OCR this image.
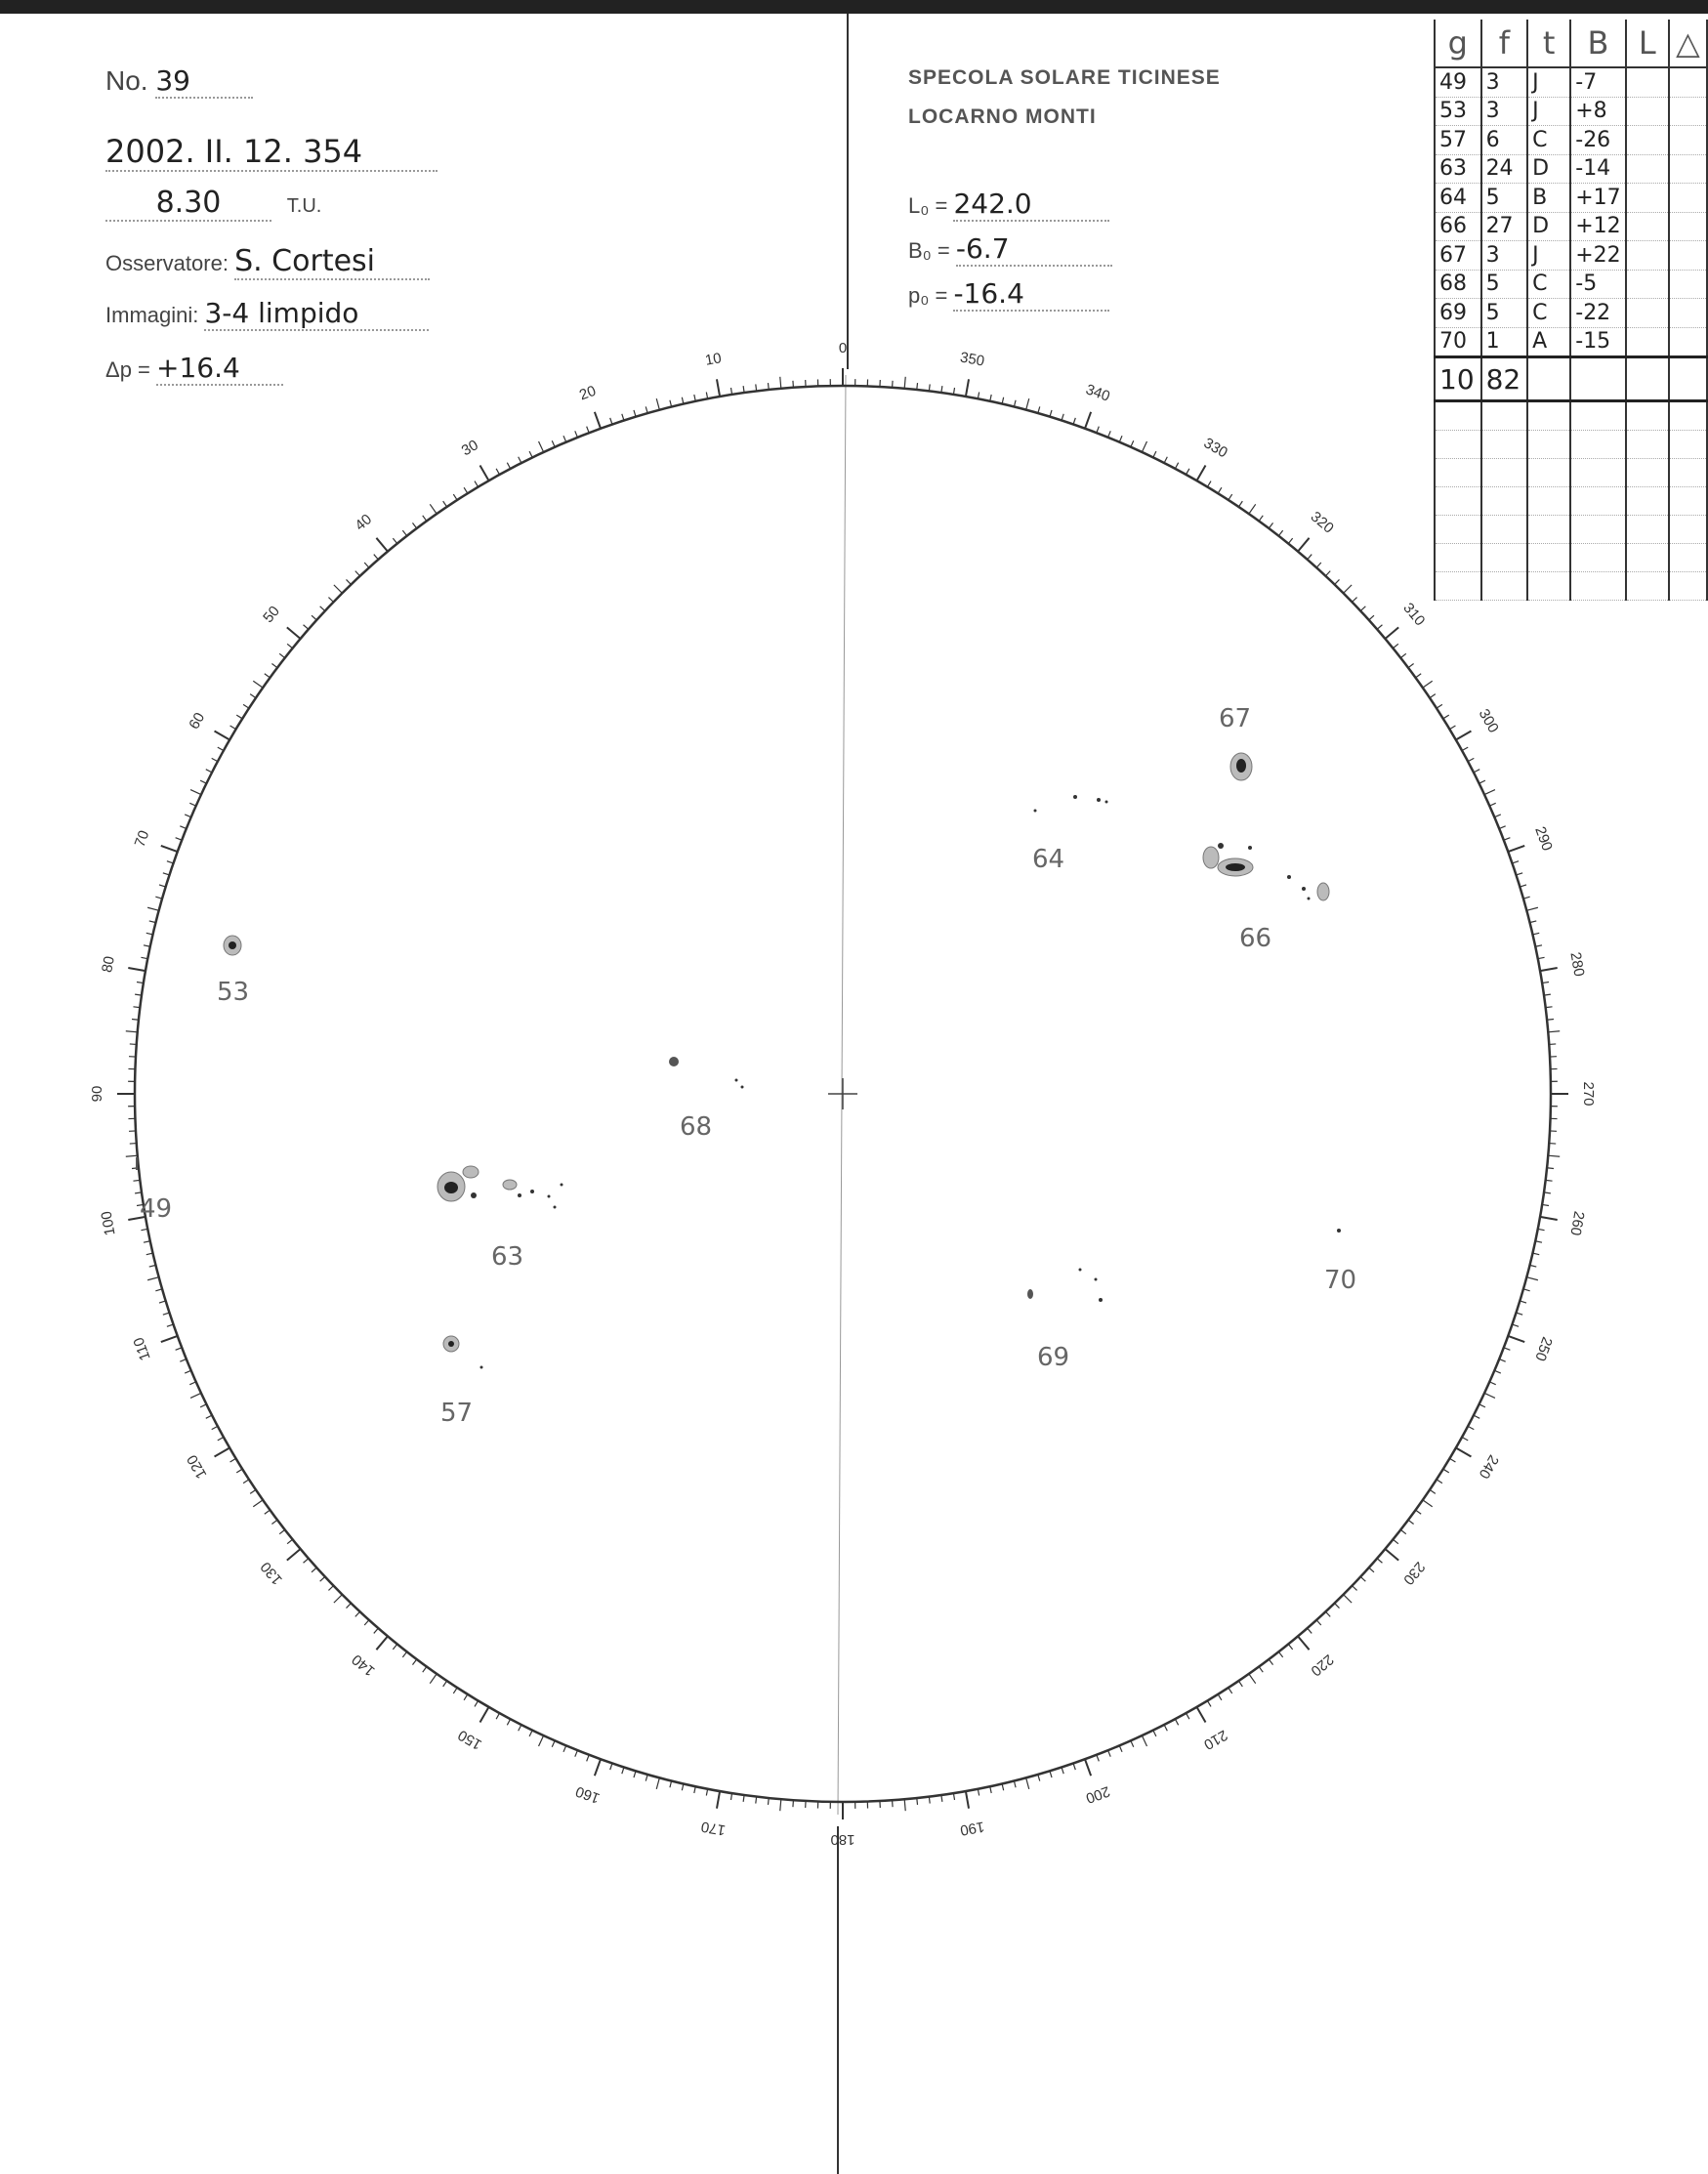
No. 39
2002. II. 12. 354
8.30	T.U.
Osservatore: S. Cortesi
Immagini: 3-4 limpido
Δp = +16.4
SPECOLA SOLARE TICINESE
LOCARNO MONTI
L₀ = 242.0
B₀ = -6.7
p₀ = -16.4
g	f	t	B	L	△
49	3	J	-7		
53	3	J	+8		
57	6	C	-26		
63	24	D	-14		
64	5	B	+17		
66	27	D	+12		
67	3	J	+22		
68	5	C	-5		
69	5	C	-22		
70	1	A	-15		
10	82				

0
10
20
30
40
50
60
70
80
90
100
110
120
130
140
150
160
170
180
190
200
210
220
230
240
250
260
270
280
290
300
310
320
330
340
350
67
64
66
53
68
49
63
70
69
57
